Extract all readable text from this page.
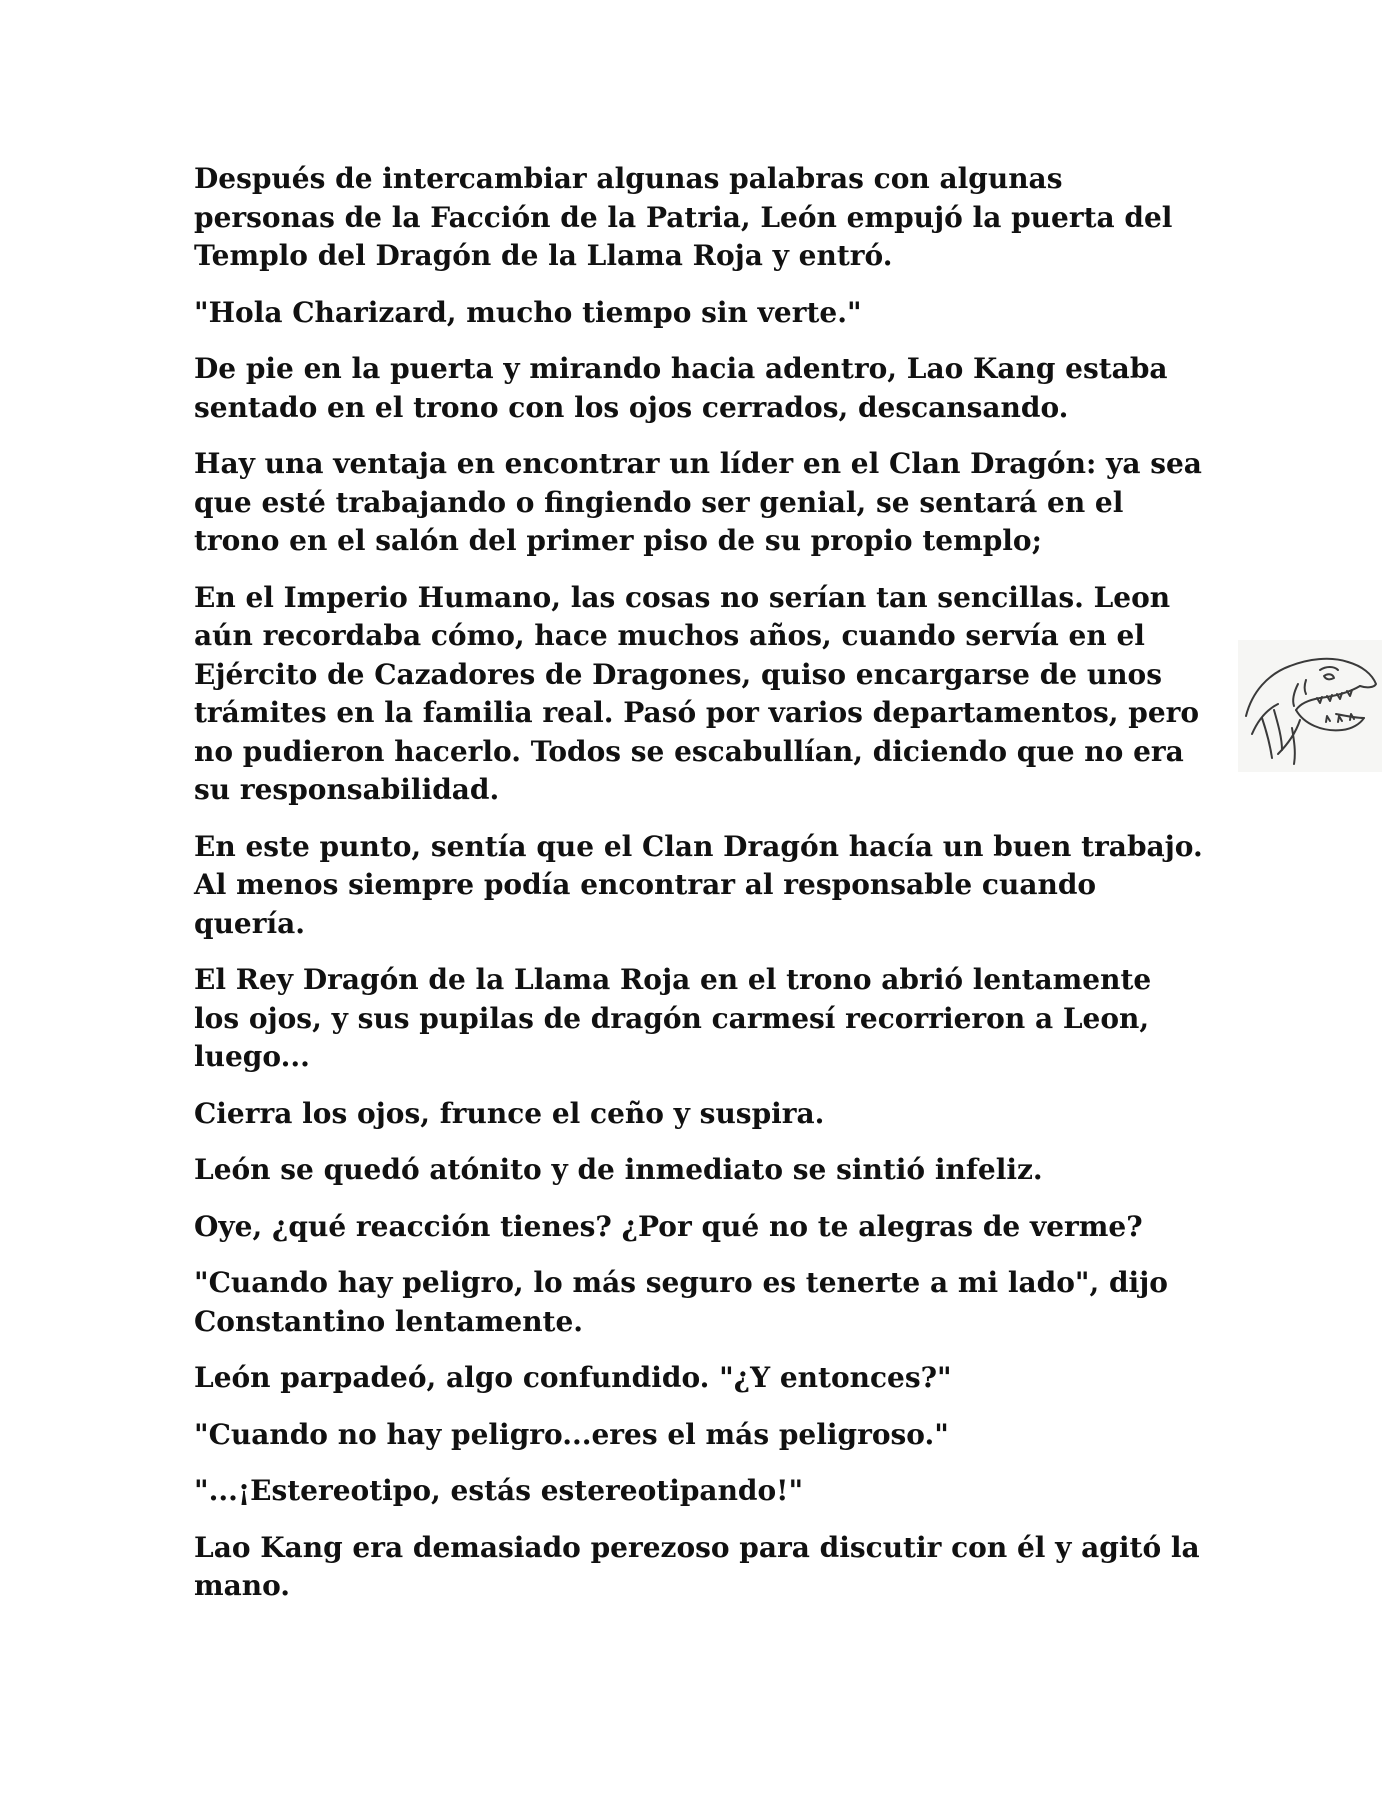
Después de intercambiar algunas palabras con algunas personas de la Facción de la Patria, León empujó la puerta del Templo del Dragón de la Llama Roja y entró.

"Hola Charizard, mucho tiempo sin verte."

De pie en la puerta y mirando hacia adentro, Lao Kang estaba sentado en el trono con los ojos cerrados, descansando.

Hay una ventaja en encontrar un líder en el Clan Dragón: ya sea que esté trabajando o fingiendo ser genial, se sentará en el trono en el salón del primer piso de su propio templo;

En el Imperio Humano, las cosas no serían tan sencillas. Leon aún recordaba cómo, hace muchos años, cuando servía en el Ejército de Cazadores de Dragones, quiso encargarse de unos trámites en la familia real. Pasó por varios departamentos, pero no pudieron hacerlo. Todos se escabullían, diciendo que no era su responsabilidad.

En este punto, sentía que el Clan Dragón hacía un buen trabajo. Al menos siempre podía encontrar al responsable cuando quería.

El Rey Dragón de la Llama Roja en el trono abrió lentamente los ojos, y sus pupilas de dragón carmesí recorrieron a Leon, luego...

Cierra los ojos, frunce el ceño y suspira.

León se quedó atónito y de inmediato se sintió infeliz.

Oye, ¿qué reacción tienes? ¿Por qué no te alegras de verme?

"Cuando hay peligro, lo más seguro es tenerte a mi lado", dijo Constantino lentamente.

León parpadeó, algo confundido. "¿Y entonces?"

"Cuando no hay peligro...eres el más peligroso."

"...¡Estereotipo, estás estereotipando!"

Lao Kang era demasiado perezoso para discutir con él y agitó la mano.
